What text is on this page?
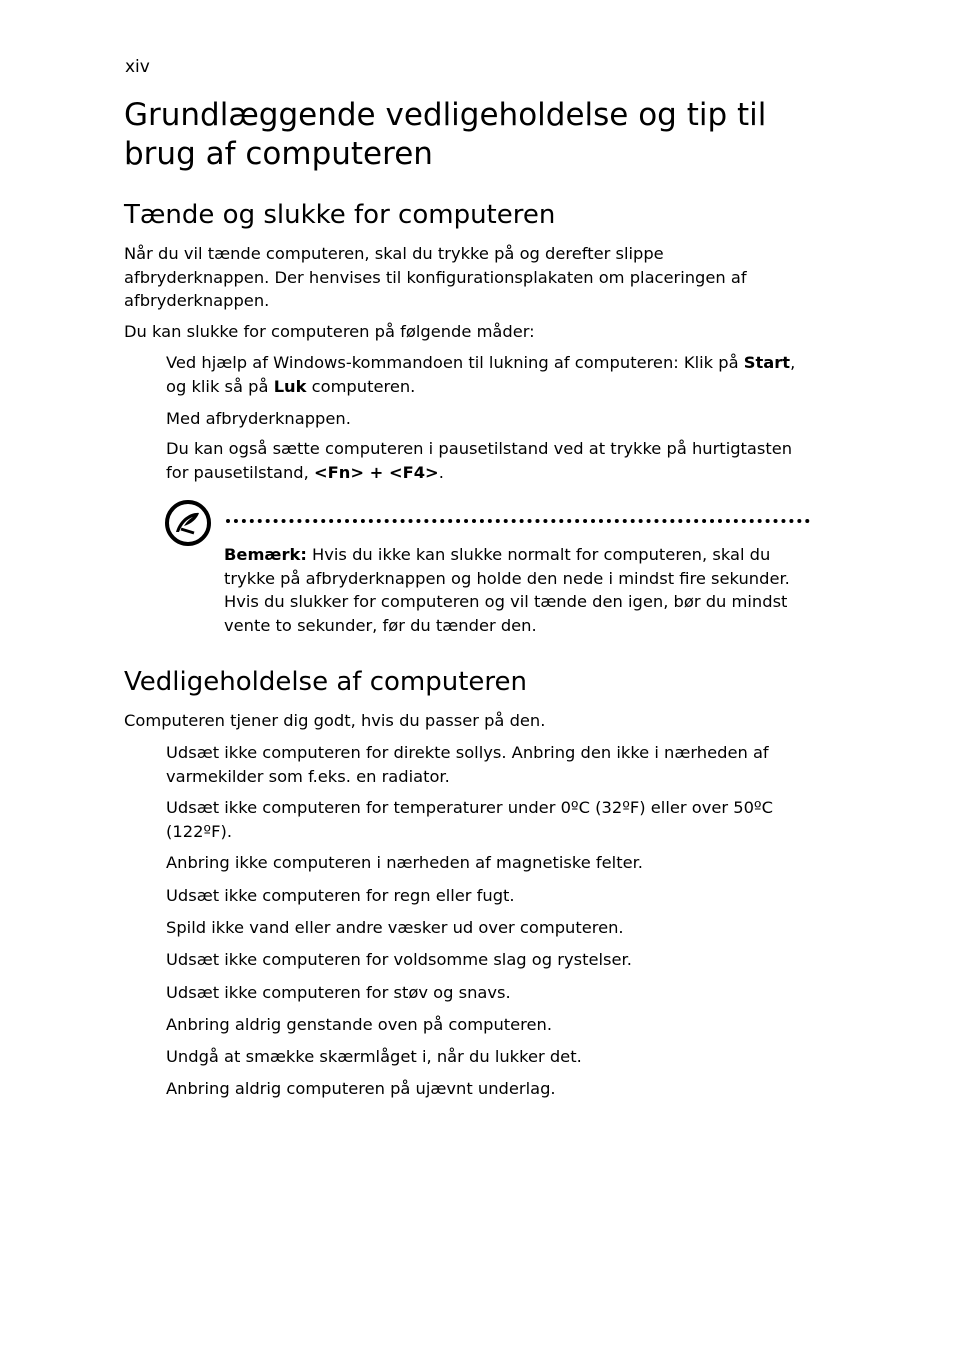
xiv
Grundlæggende vedligeholdelse og tip til brug af computeren
Tænde og slukke for computeren

Når du vil tænde computeren, skal du trykke på og derefter slippe afbryderknappen. Der henvises til konfigurationsplakaten om placeringen af afbryderknappen.

Du kan slukke for computeren på følgende måder:

Ved hjælp af Windows-kommandoen til lukning af computeren: Klik på Start, og klik så på Luk computeren.

Med afbryderknappen.

Du kan også sætte computeren i pausetilstand ved at trykke på hurtigtasten for pausetilstand, <Fn> + <F4>.

Bemærk: Hvis du ikke kan slukke normalt for computeren, skal du trykke på afbryderknappen og holde den nede i mindst fire sekunder. Hvis du slukker for computeren og vil tænde den igen, bør du mindst vente to sekunder, før du tænder den.

Vedligeholdelse af computeren

Computeren tjener dig godt, hvis du passer på den.

Udsæt ikke computeren for direkte sollys. Anbring den ikke i nærheden af varmekilder som f.eks. en radiator.

Udsæt ikke computeren for temperaturer under 0ºC (32ºF) eller over 50ºC (122ºF).

Anbring ikke computeren i nærheden af magnetiske felter.

Udsæt ikke computeren for regn eller fugt.

Spild ikke vand eller andre væsker ud over computeren.

Udsæt ikke computeren for voldsomme slag og rystelser.

Udsæt ikke computeren for støv og snavs.

Anbring aldrig genstande oven på computeren.

Undgå at smække skærmlåget i, når du lukker det.

Anbring aldrig computeren på ujævnt underlag.
